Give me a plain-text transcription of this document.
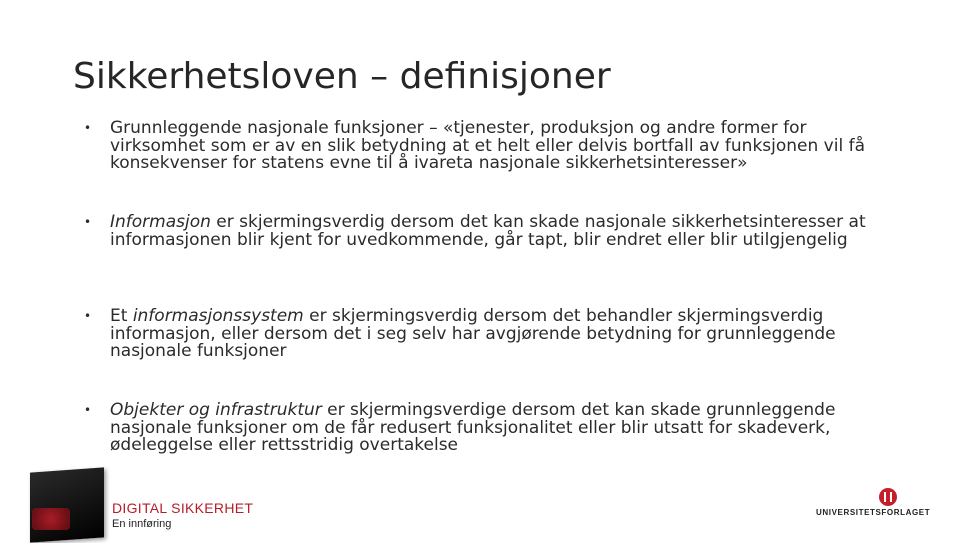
Sikkerhetsloven – definisjoner
• Grunnleggende nasjonale funksjoner – «tjenester, produksjon og andre former for virksomhet som er av en slik betydning at et helt eller delvis bortfall av funksjonen vil få konsekvenser for statens evne til å ivareta nasjonale sikkerhetsinteresser»
• Informasjon er skjermingsverdig dersom det kan skade nasjonale sikkerhetsinteresser at informasjonen blir kjent for uvedkommende, går tapt, blir endret eller blir utilgjengelig
• Et informasjonssystem er skjermingsverdig dersom det behandler skjermingsverdig informasjon, eller dersom det i seg selv har avgjørende betydning for grunnleggende nasjonale funksjoner
• Objekter og infrastruktur er skjermingsverdige dersom det kan skade grunnleggende nasjonale funksjoner om de får redusert funksjonalitet eller blir utsatt for skadeverk, ødeleggelse eller rettsstridig overtakelse
DIGITAL SIKKERHET
En innføring
UNIVERSITETSFORLAGET
